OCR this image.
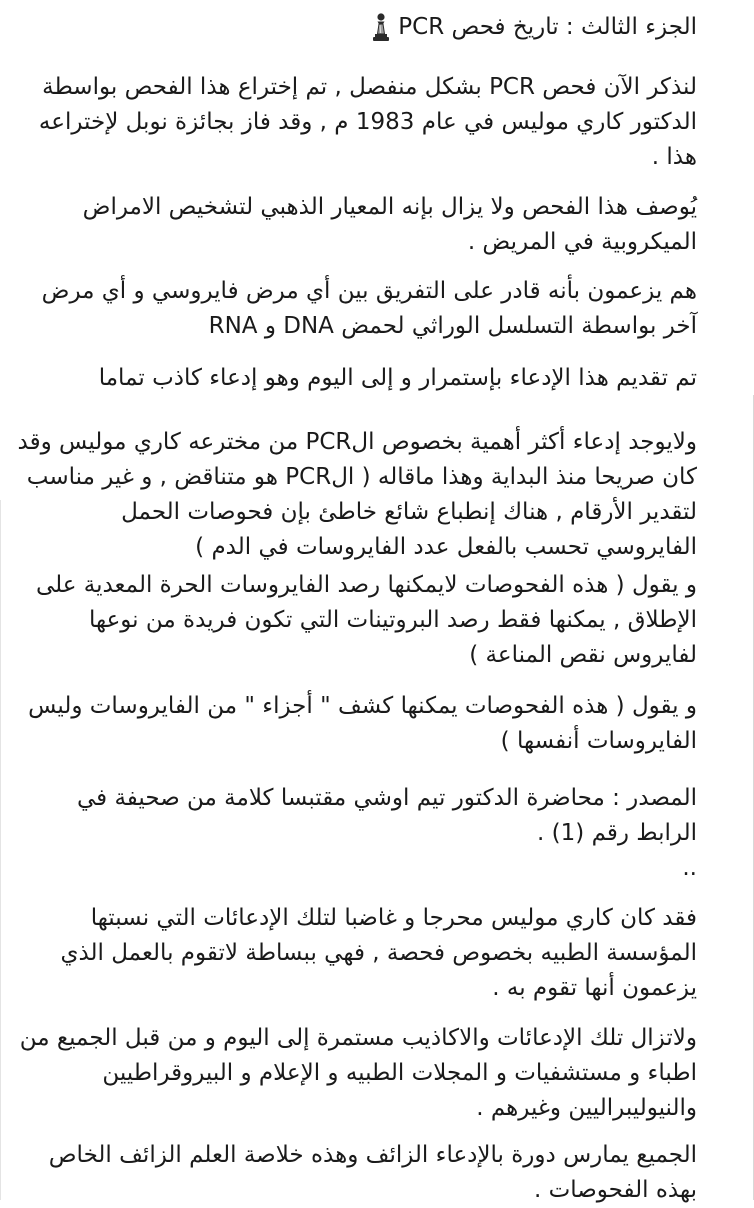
الجزء الثالث : تاريخ فحص PCR
لنذكر الآن فحص PCR بشكل منفصل , تم إختراع هذا الفحص بواسطة الدكتور كاري موليس في عام 1983 م , وقد فاز بجائزة نوبل لإختراعه هذا .
يُوصف هذا الفحص ولا يزال بإنه المعيار الذهبي لتشخيص الامراض الميكروبية في المريض .
هم يزعمون بأنه قادر على التفريق بين أي مرض فايروسي و أي مرض آخر بواسطة التسلسل الوراثي لحمض DNA و RNA
تم تقديم هذا الإدعاء بإستمرار و إلى اليوم وهو إدعاء كاذب تماما
ولايوجد إدعاء أكثر أهمية بخصوص الPCR من مخترعه كاري موليس وقد كان صريحا منذ البداية وهذا ماقاله ( الPCR هو متناقض , و غير مناسب لتقدير الأرقام , هناك إنطباع شائع خاطئ بإن فحوصات الحمل الفايروسي تحسب بالفعل عدد الفايروسات في الدم )
و يقول ( هذه الفحوصات لايمكنها رصد الفايروسات الحرة المعدية على الإطلاق , يمكنها فقط رصد البروتينات التي تكون فريدة من نوعها لفايروس نقص المناعة )
و يقول ( هذه الفحوصات يمكنها كشف " أجزاء " من الفايروسات وليس الفايروسات أنفسها )
المصدر : محاضرة الدكتور تيم اوشي مقتبسا كلامة من صحيفة في الرابط رقم (1) .
..
فقد كان كاري موليس محرجا و غاضبا لتلك الإدعائات التي نسبتها المؤسسة الطبيه بخصوص فحصة , فهي ببساطة لاتقوم بالعمل الذي يزعمون أنها تقوم به .
ولاتزال تلك الإدعائات والاكاذيب مستمرة إلى اليوم و من قبل الجميع من اطباء و مستشفيات و المجلات الطبيه و الإعلام و البيروقراطيين والنيوليبراليين وغيرهم .
الجميع يمارس دورة بالإدعاء الزائف وهذه خلاصة العلم الزائف الخاص بهذه الفحوصات .
